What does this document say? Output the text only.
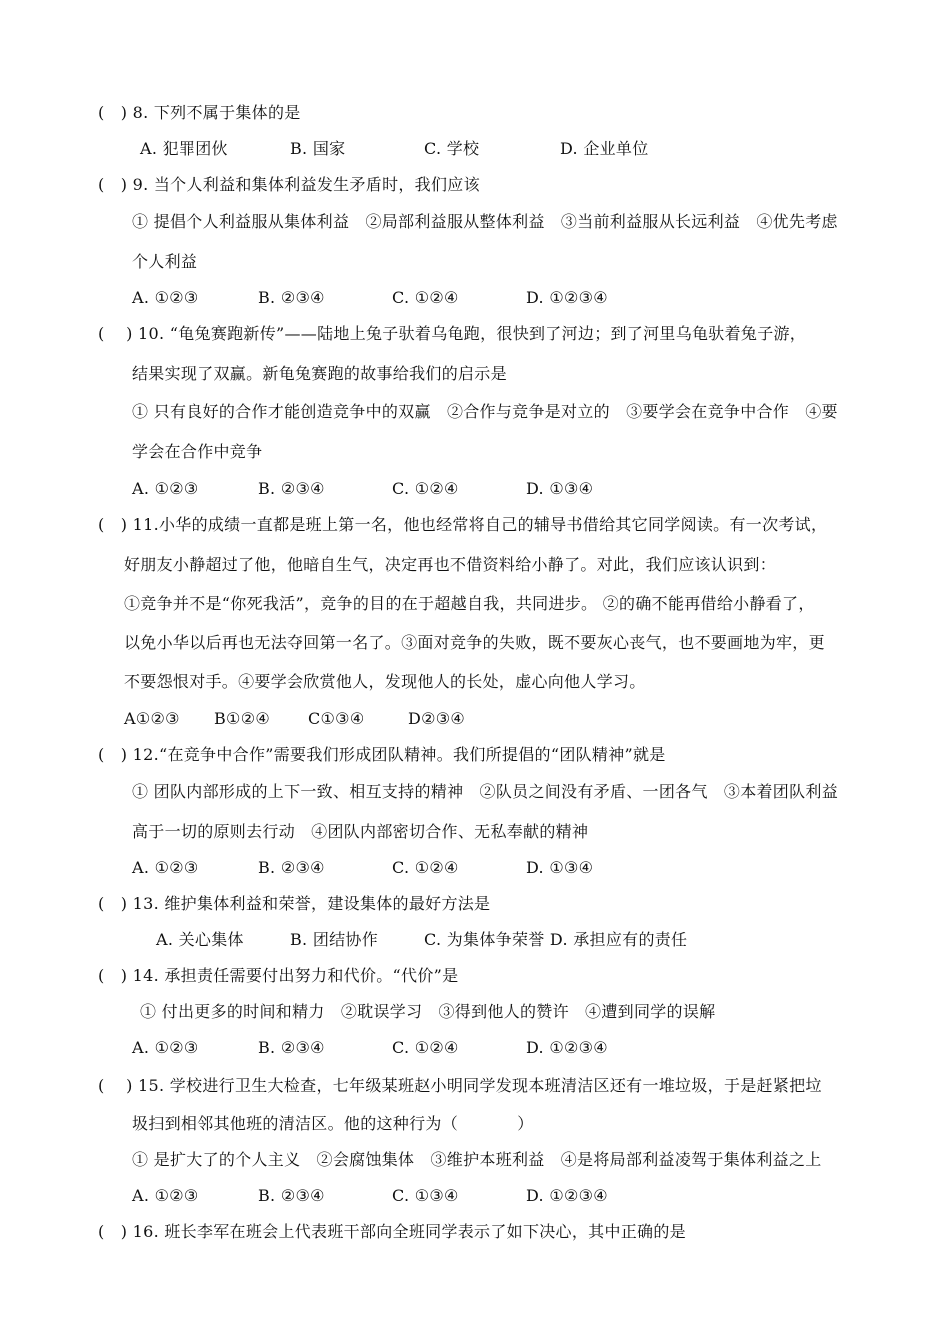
(   ) 8. 下列不属于集体的是
A. 犯罪团伙	B. 国家	C. 学校	D. 企业单位
(   ) 9. 当个人利益和集体利益发生矛盾时，我们应该
① 提倡个人利益服从集体利益   ②局部利益服从整体利益   ③当前利益服从长远利益   ④优先考虑
个人利益
A. ①②③	B. ②③④	C. ①②④	D. ①②③④
(    ) 10. “龟兔赛跑新传”——陆地上兔子驮着乌龟跑，很快到了河边；到了河里乌龟驮着兔子游，
结果实现了双赢。新龟兔赛跑的故事给我们的启示是
① 只有良好的合作才能创造竞争中的双赢   ②合作与竞争是对立的   ③要学会在竞争中合作   ④要
学会在合作中竞争
A. ①②③	B. ②③④	C. ①②④	D. ①③④
(   ) 11.小华的成绩一直都是班上第一名，他也经常将自己的辅导书借给其它同学阅读。有一次考试，
好朋友小静超过了他，他暗自生气，决定再也不借资料给小静了。对此，我们应该认识到：
①竞争并不是“你死我活”，竞争的目的在于超越自我，共同进步。 ②的确不能再借给小静看了，
以免小华以后再也无法夺回第一名了。③面对竞争的失败，既不要灰心丧气，也不要画地为牢，更
不要怨恨对手。④要学会欣赏他人，发现他人的长处，虚心向他人学习。
A①②③ B①②④ C①③④	D②③④
(   ) 12.“在竞争中合作”需要我们形成团队精神。我们所提倡的“团队精神”就是
① 团队内部形成的上下一致、相互支持的精神   ②队员之间没有矛盾、一团各气   ③本着团队利益
高于一切的原则去行动   ④团队内部密切合作、无私奉献的精神
A. ①②③	B. ②③④	C. ①②④	D. ①③④
(   ) 13. 维护集体利益和荣誉，建设集体的最好方法是
A. 关心集体	B. 团结协作	C. 为集体争荣誉 D. 承担应有的责任
(   ) 14. 承担责任需要付出努力和代价。“代价”是
① 付出更多的时间和精力   ②耽误学习   ③得到他人的赞许   ④遭到同学的误解
A. ①②③	B. ②③④	C. ①②④	D. ①②③④
(    ) 15. 学校进行卫生大检查，七年级某班赵小明同学发现本班清洁区还有一堆垃圾，于是赶紧把垃
圾扫到相邻其他班的清洁区。他的这种行为（           ）
① 是扩大了的个人主义   ②会腐蚀集体   ③维护本班利益   ④是将局部利益凌驾于集体利益之上
A. ①②③	B. ②③④	C. ①③④	D. ①②③④
(   ) 16. 班长李军在班会上代表班干部向全班同学表示了如下决心，其中正确的是
